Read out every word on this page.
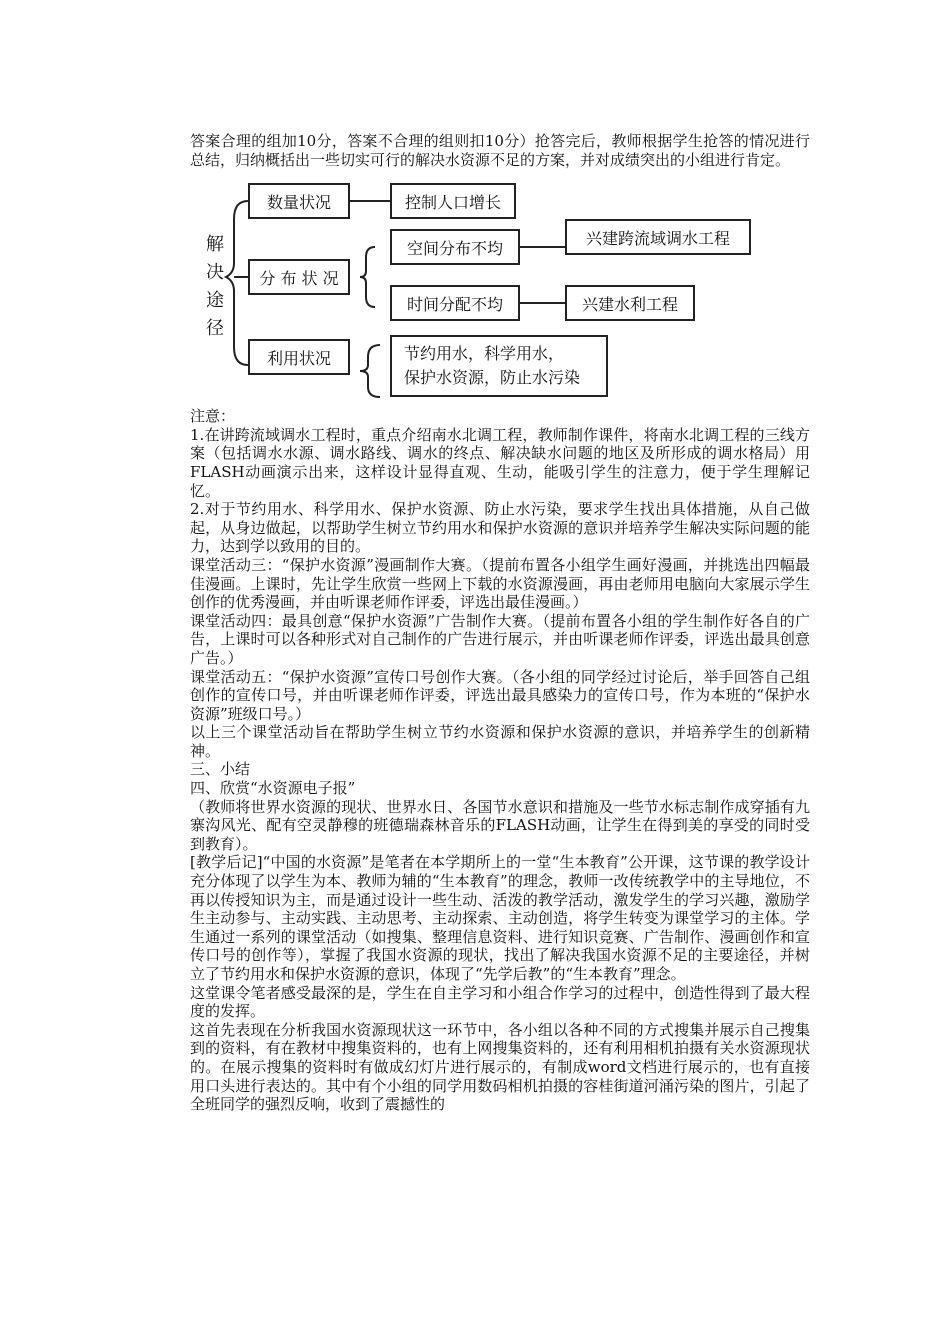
答案合理的组加10分，答案不合理的组则扣10分）抢答完后，教师根据学生抢答的情况进行总结，归纳概括出一些切实可行的解决水资源不足的方案，并对成绩突出的小组进行肯定。

解
决
途
径
数量状况	控制人口增长
分 布 状 况
空间分布不均
兴建跨流域调水工程
时间分配不均	兴建水利工程
利用状况	节约用水，科学用水，
保护水资源，防止水污染

注意：

1.在讲跨流域调水工程时，重点介绍南水北调工程，教师制作课件，将南水北调工程的三线方案（包括调水水源、调水路线、调水的终点、解决缺水问题的地区及所形成的调水格局）用FLASH动画演示出来，这样设计显得直观、生动，能吸引学生的注意力，便于学生理解记忆。

2.对于节约用水、科学用水、保护水资源、防止水污染，要求学生找出具体措施，从自己做起，从身边做起，以帮助学生树立节约用水和保护水资源的意识并培养学生解决实际问题的能力，达到学以致用的目的。

课堂活动三：“保护水资源”漫画制作大赛。（提前布置各小组学生画好漫画，并挑选出四幅最佳漫画。上课时，先让学生欣赏一些网上下载的水资源漫画，再由老师用电脑向大家展示学生创作的优秀漫画，并由听课老师作评委，评选出最佳漫画。）

课堂活动四：最具创意“保护水资源”广告制作大赛。（提前布置各小组的学生制作好各自的广告，上课时可以各种形式对自己制作的广告进行展示，并由听课老师作评委，评选出最具创意广告。）

课堂活动五：“保护水资源”宣传口号创作大赛。（各小组的同学经过讨论后，举手回答自己组创作的宣传口号，并由听课老师作评委，评选出最具感染力的宣传口号，作为本班的“保护水资源”班级口号。）

以上三个课堂活动旨在帮助学生树立节约水资源和保护水资源的意识，并培养学生的创新精神。

三、小结

四、欣赏“水资源电子报”

（教师将世界水资源的现状、世界水日、各国节水意识和措施及一些节水标志制作成穿插有九寨沟风光、配有空灵静穆的班德瑞森林音乐的FLASH动画，让学生在得到美的享受的同时受到教育）。

[教学后记]“中国的水资源”是笔者在本学期所上的一堂“生本教育”公开课，这节课的教学设计充分体现了以学生为本、教师为辅的“生本教育”的理念，教师一改传统教学中的主导地位，不再以传授知识为主，而是通过设计一些生动、活泼的教学活动，激发学生的学习兴趣，激励学生主动参与、主动实践、主动思考、主动探索、主动创造，将学生转变为课堂学习的主体。学生通过一系列的课堂活动（如搜集、整理信息资料、进行知识竞赛、广告制作、漫画创作和宣传口号的创作等），掌握了我国水资源的现状，找出了解决我国水资源不足的主要途径，并树立了节约用水和保护水资源的意识，体现了“先学后教”的“生本教育”理念。

这堂课令笔者感受最深的是，学生在自主学习和小组合作学习的过程中，创造性得到了最大程度的发挥。

这首先表现在分析我国水资源现状这一环节中，各小组以各种不同的方式搜集并展示自己搜集到的资料，有在教材中搜集资料的，也有上网搜集资料的，还有利用相机拍摄有关水资源现状的。在展示搜集的资料时有做成幻灯片进行展示的，有制成word文档进行展示的，也有直接用口头进行表达的。其中有个小组的同学用数码相机拍摄的容桂街道河涌污染的图片，引起了全班同学的强烈反响，收到了震撼性的
